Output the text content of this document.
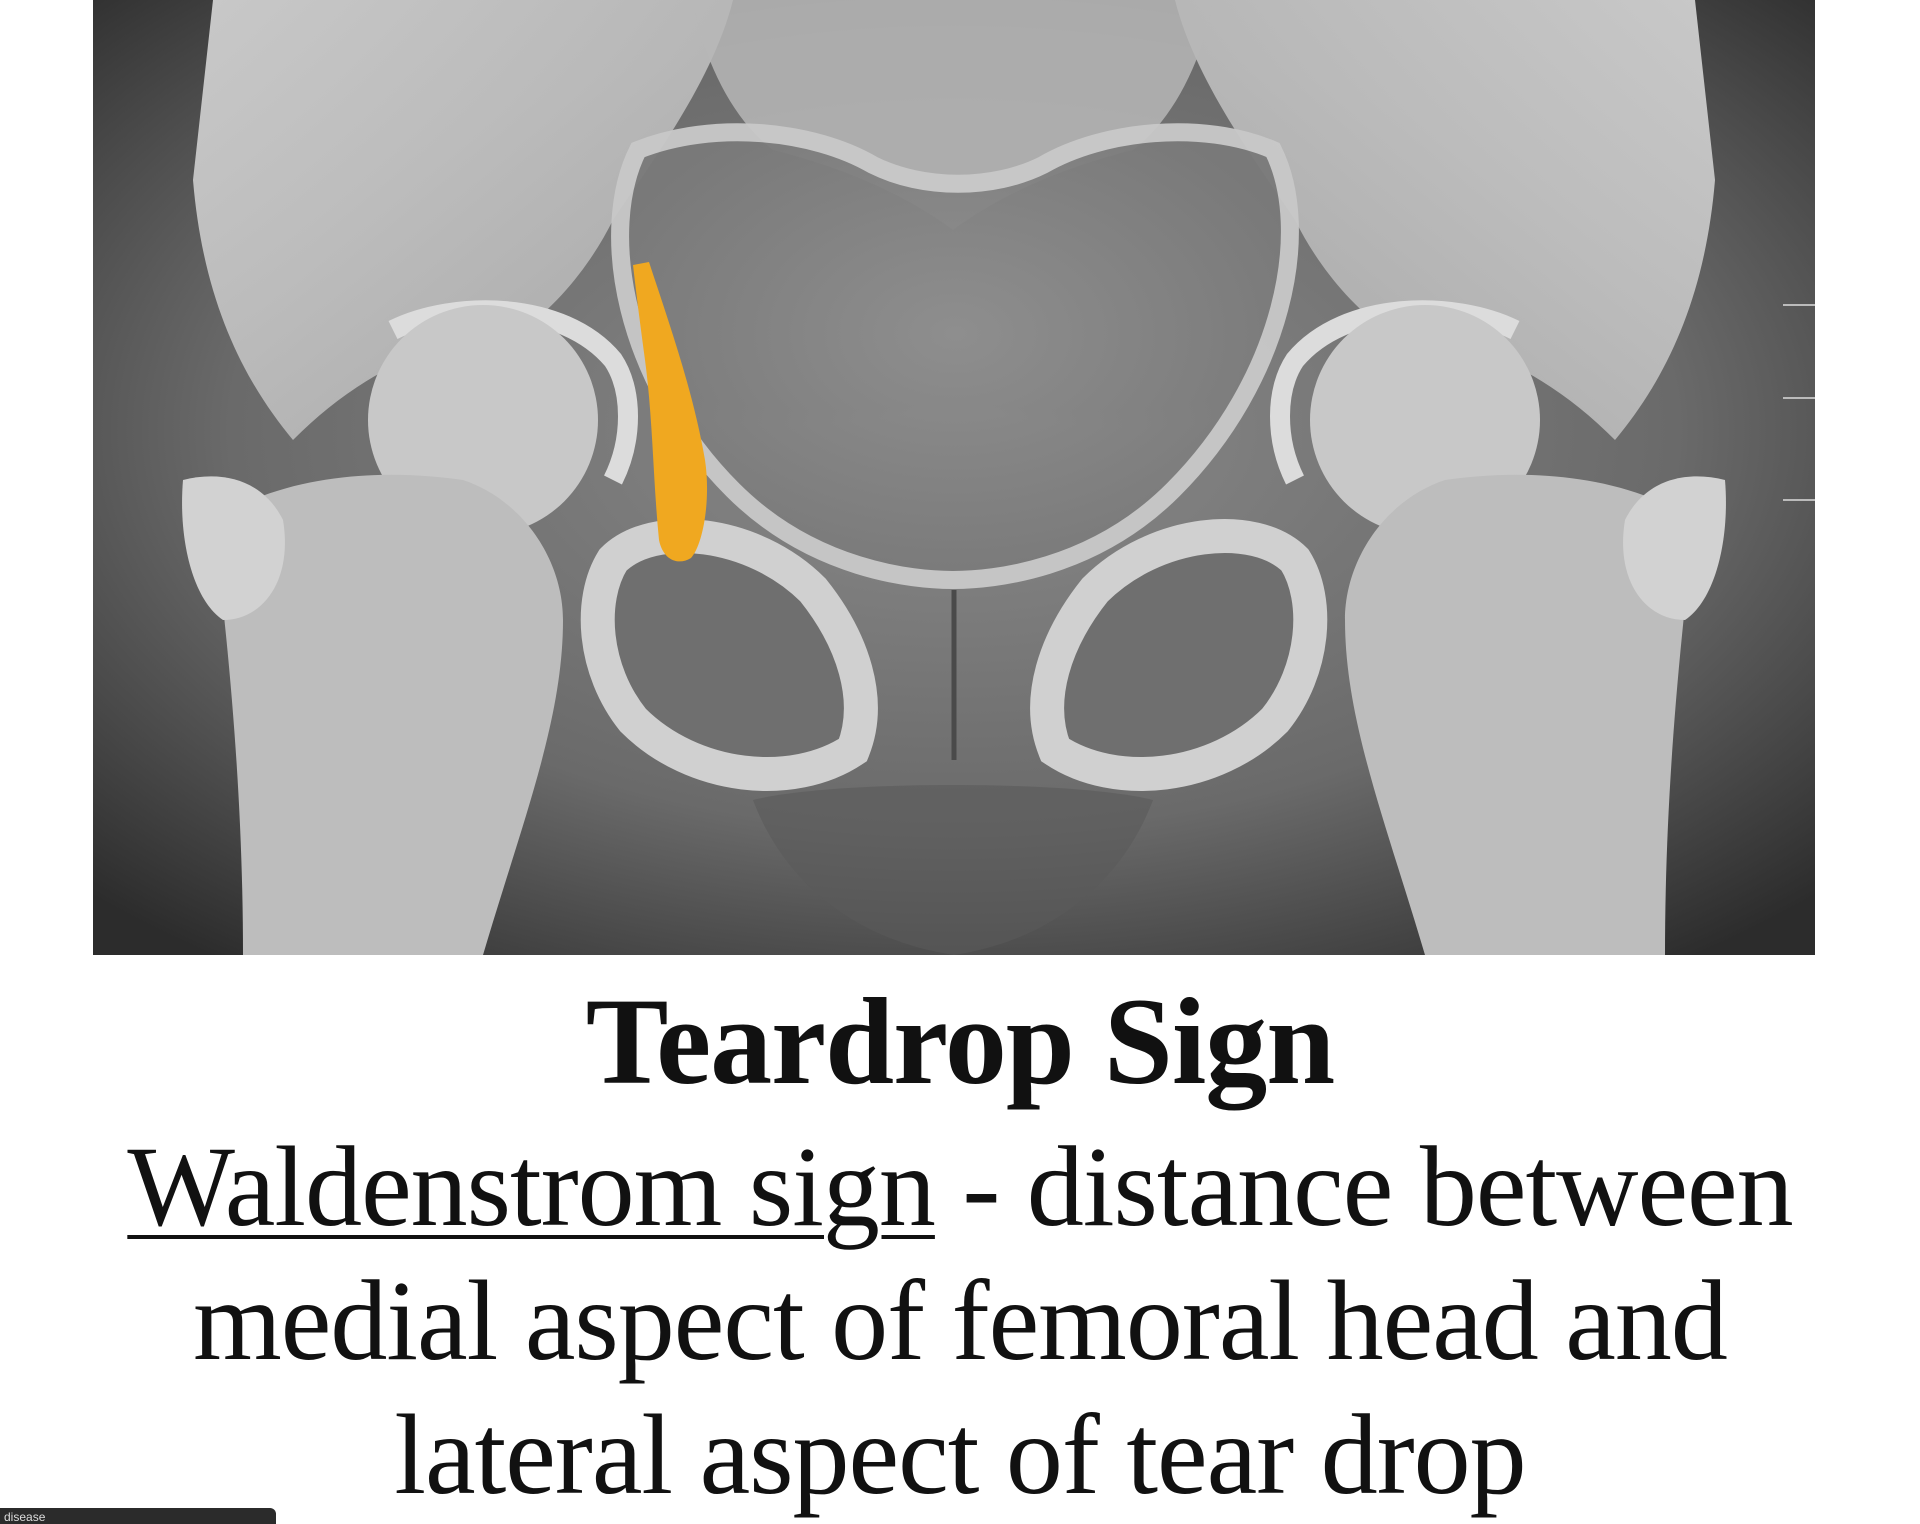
Teardrop Sign
Waldenstrom sign - distance between
medial aspect of femoral head and
lateral aspect of tear drop
disease
